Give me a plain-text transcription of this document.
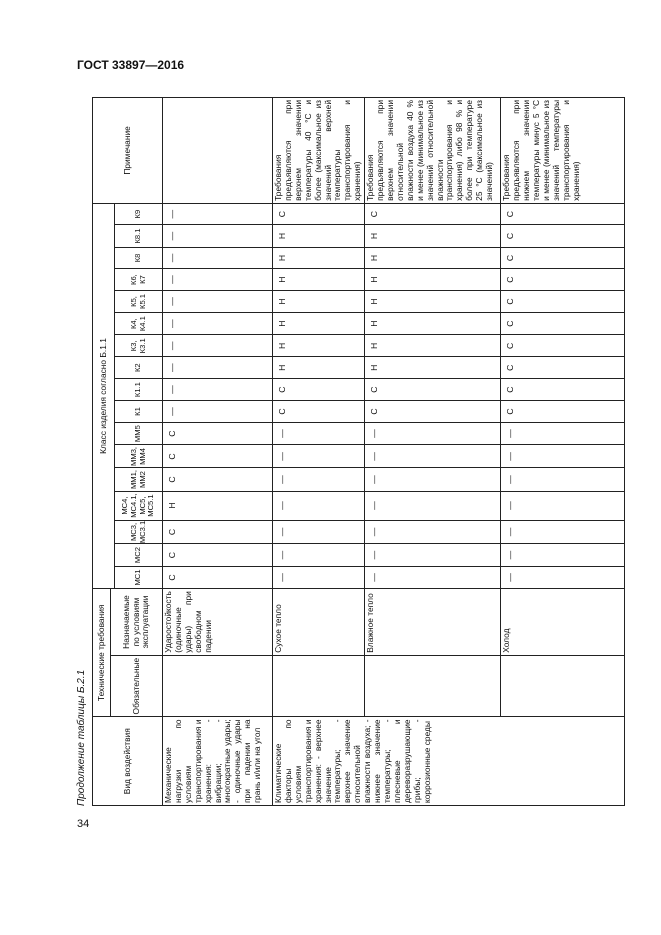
ГОСТ 33897—2016
Продолжение таблицы Б.2.1	Вид воздействия	Технические требования		Класс изделия согласно Б.1.1																	Примечание
	Обязательные	Назначаемые по условиям эксплуатации																		
			МС1	МС2	МС3, МС3.1	МС4, МС4.1, МС5, МС5.1	ММ1, ММ2	ММ3, ММ4	ММ5	К1	К1.1	К2	К3, К3.1	К4, К4.1	К5, К5.1	К6, К7	К8	К8.1	К9	
Механические нагрузки по условиям транспортирования и хранения: - вибрации; - многократные удары; - одиночные удары при падении на грань и/или на угол		Ударостойкость (одиночные удары) при свободном падении	С	С	С	Н	С	С	С	—	—	—	—	—	—	—	—	—	—	
Климатические факторы по условиям транспортирования и хранения: - верхнее значение температуры; - верхнее значение относительной влажности воздуха; - нижнее значение температуры; - плесневые и дереворазрушающие грибы; - коррозионные среды		Сухое тепло	—	—	—	—	—	—	—	С	С	Н	Н	Н	Н	Н	Н	Н	С	Требования предъявляются при верхнем значении температуры 40 °С и более (максимальное из значений верхней температуры транспортирования и хранения)
		Влажное тепло	—	—	—	—	—	—	—	С	С	Н	Н	Н	Н	Н	Н	Н	С	Требования предъявляются при верхнем значении относительной влажности воздуха 40 % и менее (минимальное из значений относительной влажности транспортирования и хранения) либо 98 % и более при температуре 25 °С (максимальное из значений)
		Холод	—	—	—	—	—	—	—	С	С	С	С	С	С	С	С	С	С	Требования предъявляются при нижнем значении температуры минус 5 °С и менее (минимальное из значений температуры транспортирования и хранения)
34
